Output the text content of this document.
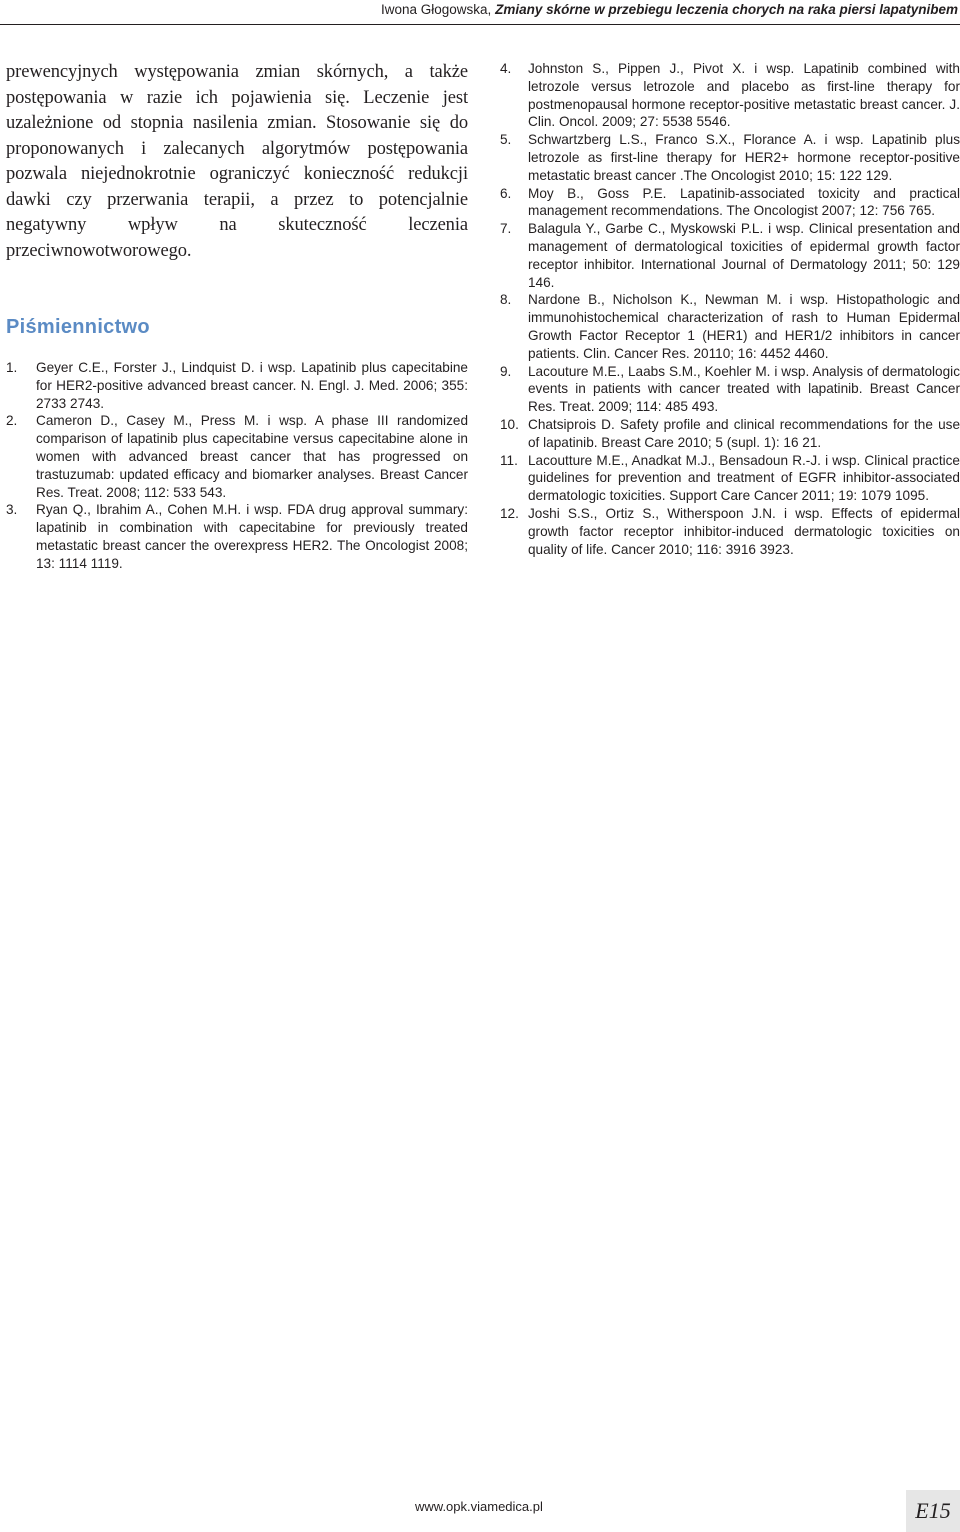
Iwona Głogowska, Zmiany skórne w przebiegu leczenia chorych na raka piersi lapatynibem

prewencyjnych występowania zmian skórnych, a także postępowania w razie ich pojawienia się. Leczenie jest uzależnione od stopnia nasilenia zmian. Stosowanie się do proponowanych i zalecanych algorytmów postępowania pozwala niejednokrotnie ograniczyć konieczność redukcji dawki czy przerwania terapii, a przez to potencjalnie negatywny wpływ na skuteczność leczenia przeciwnowotworowego.

Piśmiennictwo
1.	Geyer C.E., Forster J., Lindquist D. i wsp. Lapatinib plus capecitabine for HER2-positive advanced breast cancer. N. Engl. J. Med. 2006; 355: 2733 2743.
2.	Cameron D., Casey M., Press M. i wsp. A phase III randomized comparison of lapatinib plus capecitabine versus capecitabine alone in women with advanced breast cancer that has progressed on trastuzumab: updated efficacy and biomarker analyses. Breast Cancer Res. Treat. 2008; 112: 533 543.
3.	Ryan Q., Ibrahim A., Cohen M.H. i wsp. FDA drug approval summary: lapatinib in combination with capecitabine for previously treated metastatic breast cancer the overexpress HER2. The Oncologist 2008; 13: 1114 1119.
4.	Johnston S., Pippen J., Pivot X. i wsp. Lapatinib combined with letrozole versus letrozole and placebo as first-line therapy for postmenopausal hormone receptor-positive metastatic breast cancer. J. Clin. Oncol. 2009; 27: 5538 5546.
5.	Schwartzberg L.S., Franco S.X., Florance A. i wsp. Lapatinib plus letrozole as first-line therapy for HER2+ hormone receptor-positive metastatic breast cancer .The Oncologist 2010; 15: 122 129.
6.	Moy B., Goss P.E. Lapatinib-associated toxicity and practical management recommendations. The Oncologist 2007; 12: 756 765.
7.	Balagula Y., Garbe C., Myskowski P.L. i wsp. Clinical presentation and management of dermatological toxicities of epidermal growth factor receptor inhibitor. International Journal of Dermatology 2011; 50: 129 146.
8.	Nardone B., Nicholson K., Newman M. i wsp. Histopathologic and immunohistochemical characterization of rash to Human Epidermal Growth Factor Receptor 1 (HER1) and HER1/2 inhibitors in cancer patients. Clin. Cancer Res. 20110; 16: 4452 4460.
9.	Lacouture M.E., Laabs S.M., Koehler M. i wsp. Analysis of dermatologic events in patients with cancer treated with lapatinib. Breast Cancer Res. Treat. 2009; 114: 485 493.
10. Chatsiprois D. Safety profile and clinical recommendations for the use of lapatinib. Breast Care 2010; 5 (supl. 1): 16 21.
11. Lacoutture M.E., Anadkat M.J., Bensadoun R.-J. i wsp. Clinical practice guidelines for prevention and treatment of EGFR inhibitor-associated dermatologic toxicities. Support Care Cancer 2011; 19: 1079 1095.
12. Joshi S.S., Ortiz S., Witherspoon J.N. i wsp. Effects of epidermal growth factor receptor inhibitor-induced dermatologic toxicities on quality of life. Cancer 2010; 116: 3916 3923.
www.opk.viamedica.pl	E15
